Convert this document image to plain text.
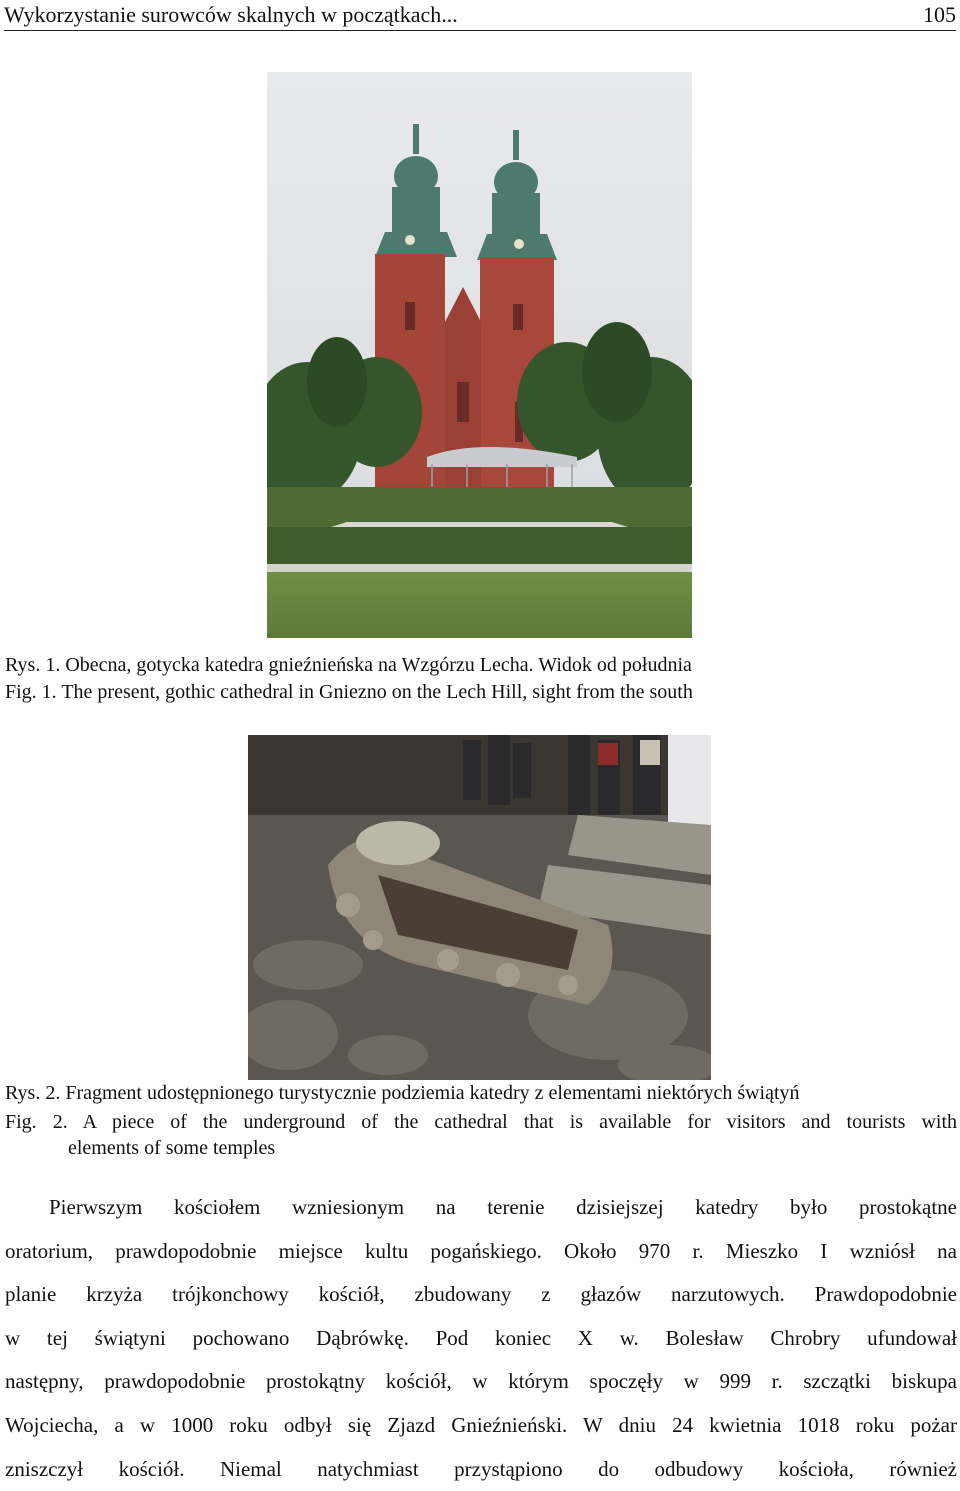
Wykorzystanie surowców skalnych w początkach...	105
Rys. 1. Obecna, gotycka katedra gnieźnieńska na Wzgórzu Lecha. Widok od południa
Fig. 1. The present, gothic cathedral in Gniezno on the Lech Hill, sight from the south
Rys. 2. Fragment udostępnionego turystycznie podziemia katedry z elementami niektórych świątyń
Fig. 2. A piece of the underground of the cathedral that is available for visitors and tourists with
elements of some temples
Pierwszym kościołem wzniesionym na terenie dzisiejszej katedry było prostokątne
oratorium, prawdopodobnie miejsce kultu pogańskiego. Około 970 r. Mieszko I wzniósł na
planie krzyża trójkonchowy kościół, zbudowany z głazów narzutowych. Prawdopodobnie
w tej świątyni pochowano Dąbrówkę. Pod koniec X w. Bolesław Chrobry ufundował
następny, prawdopodobnie prostokątny kościół, w którym spoczęły w 999 r. szczątki biskupa
Wojciecha, a w 1000 roku odbył się Zjazd Gnieźnieński. W dniu 24 kwietnia 1018 roku pożar
zniszczył kościół. Niemal natychmiast przystąpiono do odbudowy kościoła, również
